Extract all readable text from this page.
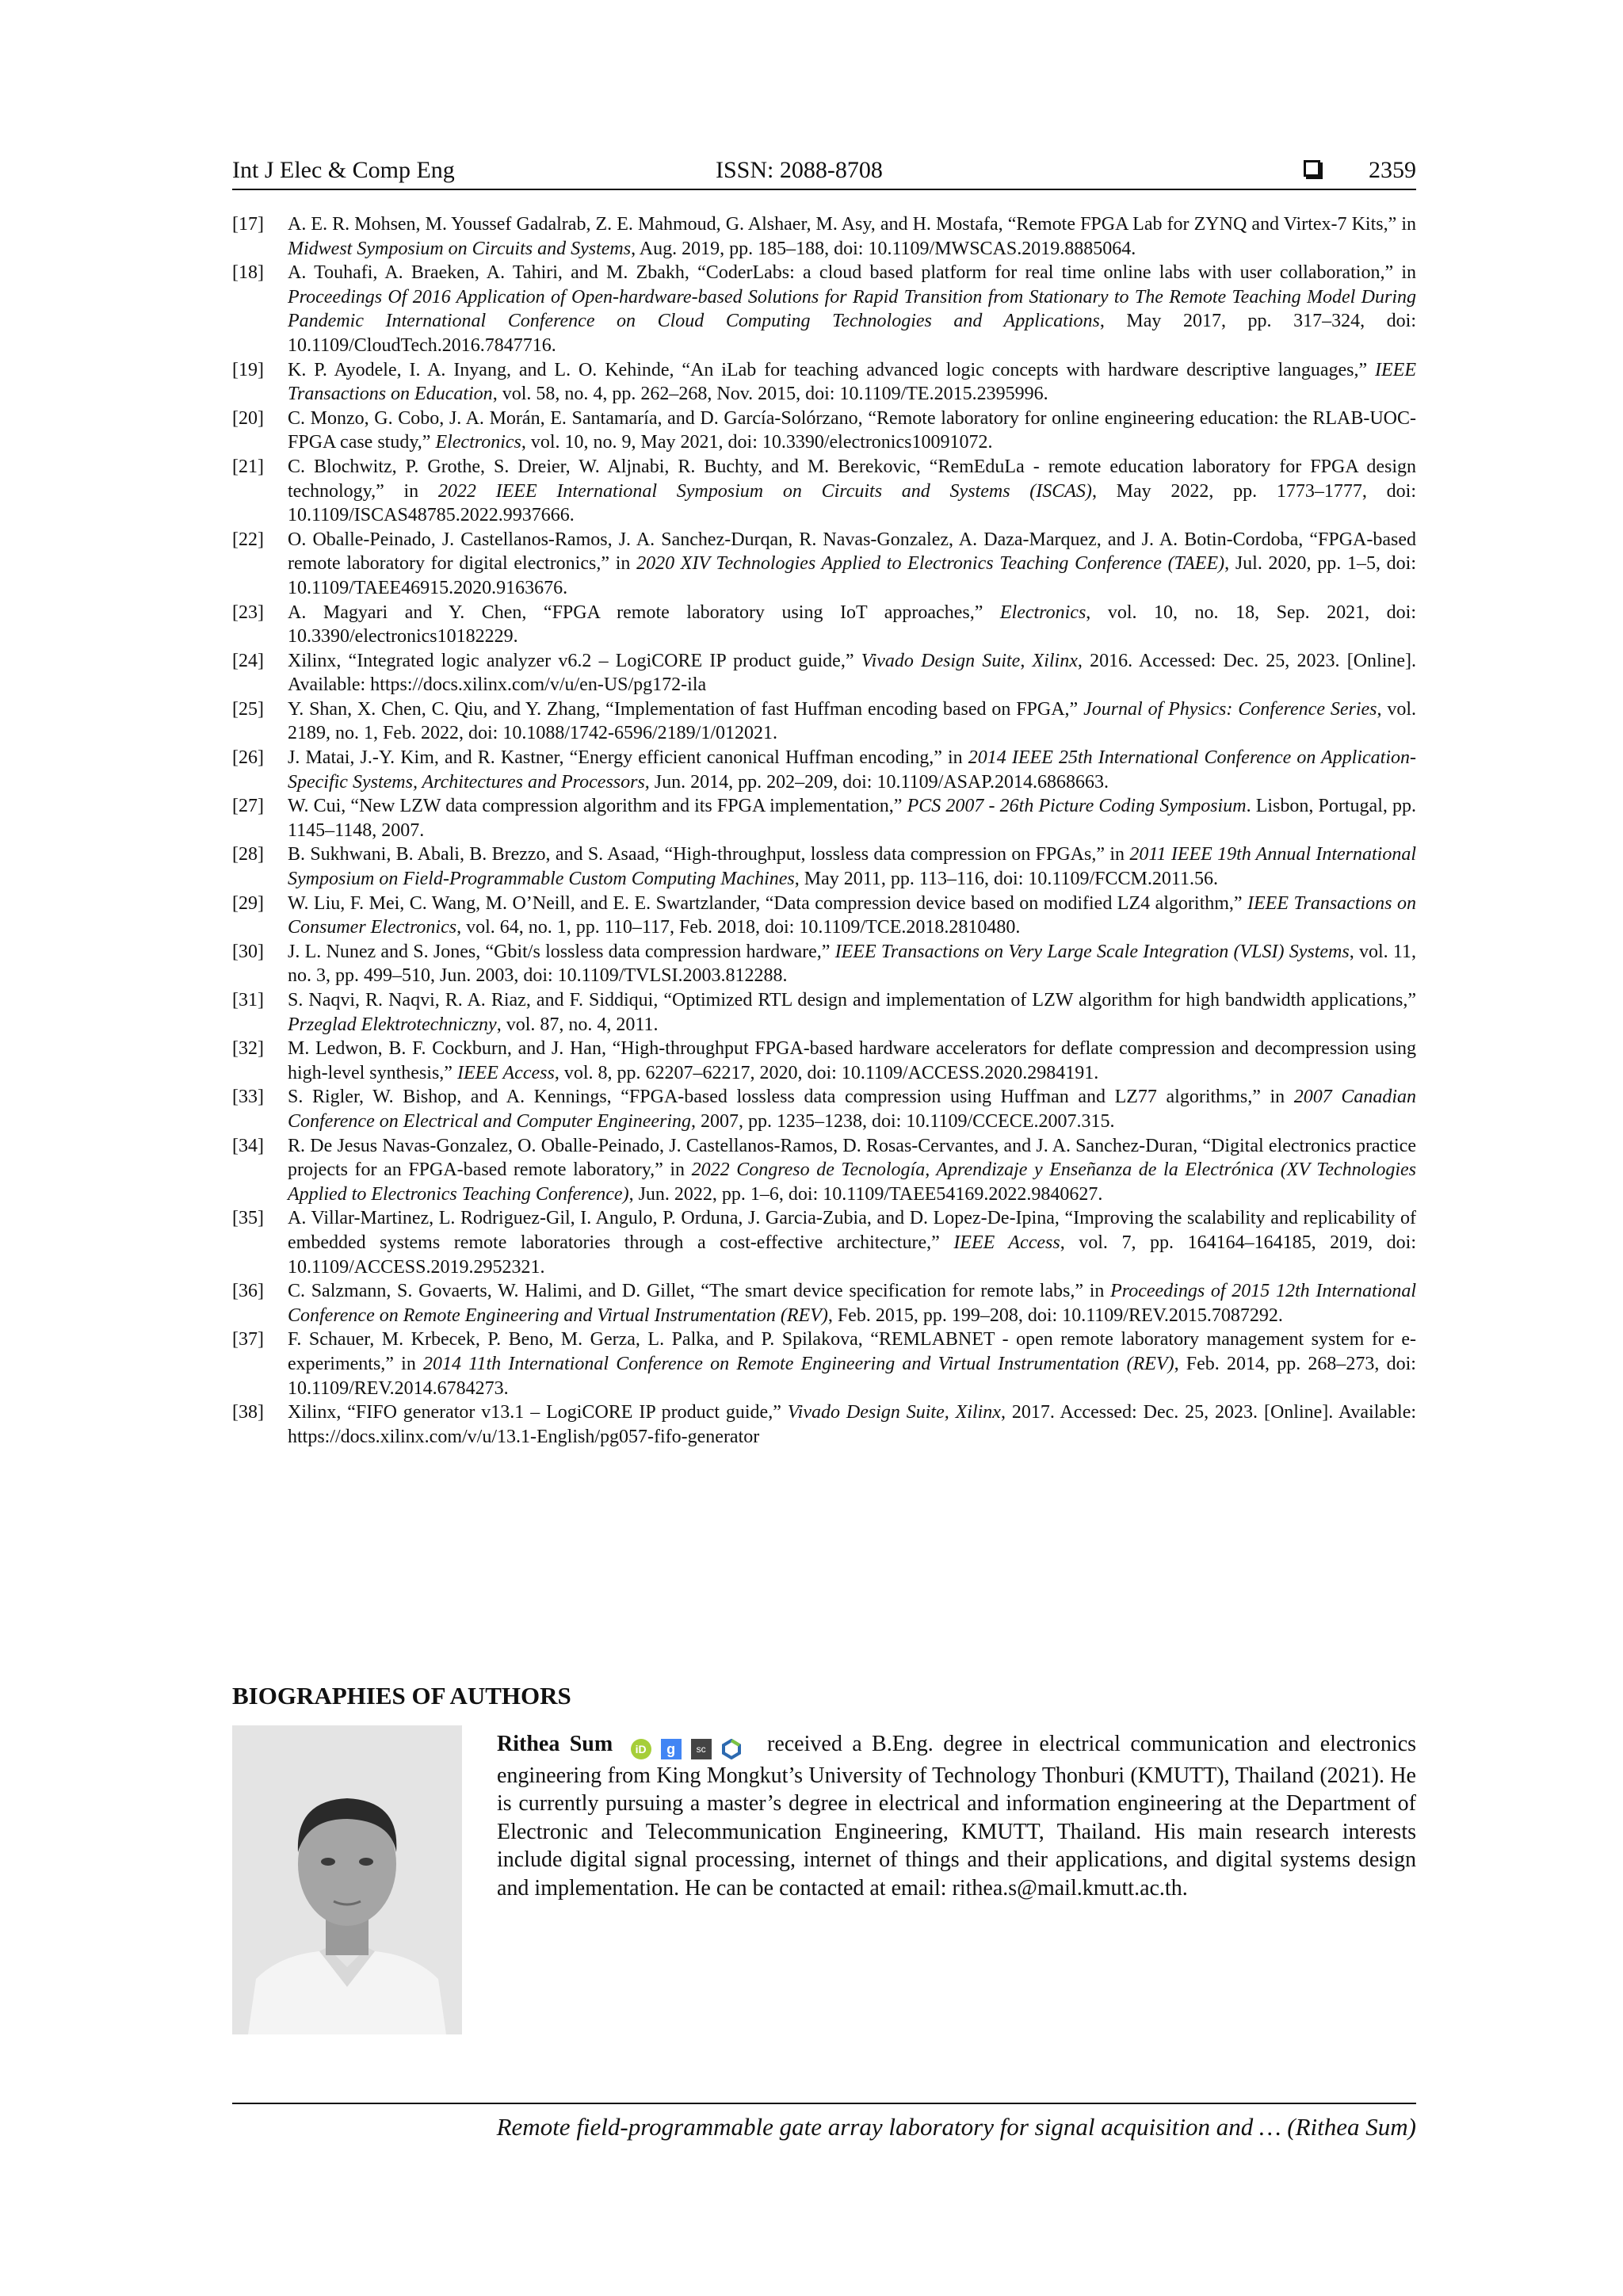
Int J Elec & Comp Eng	ISSN: 2088-8708	2359
[17]	A. E. R. Mohsen, M. Youssef Gadalrab, Z. E. Mahmoud, G. Alshaer, M. Asy, and H. Mostafa, “Remote FPGA Lab for ZYNQ and Virtex-7 Kits,” in Midwest Symposium on Circuits and Systems, Aug. 2019, pp. 185–188, doi: 10.1109/MWSCAS.2019.8885064.
[18]	A. Touhafi, A. Braeken, A. Tahiri, and M. Zbakh, “CoderLabs: a cloud based platform for real time online labs with user collaboration,” in Proceedings Of 2016 Application of Open-hardware-based Solutions for Rapid Transition from Stationary to The Remote Teaching Model During Pandemic International Conference on Cloud Computing Technologies and Applications, May 2017, pp. 317–324, doi: 10.1109/CloudTech.2016.7847716.
[19]	K. P. Ayodele, I. A. Inyang, and L. O. Kehinde, “An iLab for teaching advanced logic concepts with hardware descriptive languages,” IEEE Transactions on Education, vol. 58, no. 4, pp. 262–268, Nov. 2015, doi: 10.1109/TE.2015.2395996.
[20]	C. Monzo, G. Cobo, J. A. Morán, E. Santamaría, and D. García-Solórzano, “Remote laboratory for online engineering education: the RLAB-UOC-FPGA case study,” Electronics, vol. 10, no. 9, May 2021, doi: 10.3390/electronics10091072.
[21]	C. Blochwitz, P. Grothe, S. Dreier, W. Aljnabi, R. Buchty, and M. Berekovic, “RemEduLa - remote education laboratory for FPGA design technology,” in 2022 IEEE International Symposium on Circuits and Systems (ISCAS), May 2022, pp. 1773–1777, doi: 10.1109/ISCAS48785.2022.9937666.
[22]	O. Oballe-Peinado, J. Castellanos-Ramos, J. A. Sanchez-Durqan, R. Navas-Gonzalez, A. Daza-Marquez, and J. A. Botin-Cordoba, “FPGA-based remote laboratory for digital electronics,” in 2020 XIV Technologies Applied to Electronics Teaching Conference (TAEE), Jul. 2020, pp. 1–5, doi: 10.1109/TAEE46915.2020.9163676.
[23]	A. Magyari and Y. Chen, “FPGA remote laboratory using IoT approaches,” Electronics, vol. 10, no. 18, Sep. 2021, doi: 10.3390/electronics10182229.
[24]	Xilinx, “Integrated logic analyzer v6.2 – LogiCORE IP product guide,” Vivado Design Suite, Xilinx, 2016. Accessed: Dec. 25, 2023. [Online]. Available: https://docs.xilinx.com/v/u/en-US/pg172-ila
[25]	Y. Shan, X. Chen, C. Qiu, and Y. Zhang, “Implementation of fast Huffman encoding based on FPGA,” Journal of Physics: Conference Series, vol. 2189, no. 1, Feb. 2022, doi: 10.1088/1742-6596/2189/1/012021.
[26]	J. Matai, J.-Y. Kim, and R. Kastner, “Energy efficient canonical Huffman encoding,” in 2014 IEEE 25th International Conference on Application-Specific Systems, Architectures and Processors, Jun. 2014, pp. 202–209, doi: 10.1109/ASAP.2014.6868663.
[27]	W. Cui, “New LZW data compression algorithm and its FPGA implementation,” PCS 2007 - 26th Picture Coding Symposium. Lisbon, Portugal, pp. 1145–1148, 2007.
[28]	B. Sukhwani, B. Abali, B. Brezzo, and S. Asaad, “High-throughput, lossless data compression on FPGAs,” in 2011 IEEE 19th Annual International Symposium on Field-Programmable Custom Computing Machines, May 2011, pp. 113–116, doi: 10.1109/FCCM.2011.56.
[29]	W. Liu, F. Mei, C. Wang, M. O’Neill, and E. E. Swartzlander, “Data compression device based on modified LZ4 algorithm,” IEEE Transactions on Consumer Electronics, vol. 64, no. 1, pp. 110–117, Feb. 2018, doi: 10.1109/TCE.2018.2810480.
[30]	J. L. Nunez and S. Jones, “Gbit/s lossless data compression hardware,” IEEE Transactions on Very Large Scale Integration (VLSI) Systems, vol. 11, no. 3, pp. 499–510, Jun. 2003, doi: 10.1109/TVLSI.2003.812288.
[31]	S. Naqvi, R. Naqvi, R. A. Riaz, and F. Siddiqui, “Optimized RTL design and implementation of LZW algorithm for high bandwidth applications,” Przeglad Elektrotechniczny, vol. 87, no. 4, 2011.
[32]	M. Ledwon, B. F. Cockburn, and J. Han, “High-throughput FPGA-based hardware accelerators for deflate compression and decompression using high-level synthesis,” IEEE Access, vol. 8, pp. 62207–62217, 2020, doi: 10.1109/ACCESS.2020.2984191.
[33]	S. Rigler, W. Bishop, and A. Kennings, “FPGA-based lossless data compression using Huffman and LZ77 algorithms,” in 2007 Canadian Conference on Electrical and Computer Engineering, 2007, pp. 1235–1238, doi: 10.1109/CCECE.2007.315.
[34]	R. De Jesus Navas-Gonzalez, O. Oballe-Peinado, J. Castellanos-Ramos, D. Rosas-Cervantes, and J. A. Sanchez-Duran, “Digital electronics practice projects for an FPGA-based remote laboratory,” in 2022 Congreso de Tecnología, Aprendizaje y Enseñanza de la Electrónica (XV Technologies Applied to Electronics Teaching Conference), Jun. 2022, pp. 1–6, doi: 10.1109/TAEE54169.2022.9840627.
[35]	A. Villar-Martinez, L. Rodriguez-Gil, I. Angulo, P. Orduna, J. Garcia-Zubia, and D. Lopez-De-Ipina, “Improving the scalability and replicability of embedded systems remote laboratories through a cost-effective architecture,” IEEE Access, vol. 7, pp. 164164–164185, 2019, doi: 10.1109/ACCESS.2019.2952321.
[36]	C. Salzmann, S. Govaerts, W. Halimi, and D. Gillet, “The smart device specification for remote labs,” in Proceedings of 2015 12th International Conference on Remote Engineering and Virtual Instrumentation (REV), Feb. 2015, pp. 199–208, doi: 10.1109/REV.2015.7087292.
[37]	F. Schauer, M. Krbecek, P. Beno, M. Gerza, L. Palka, and P. Spilakova, “REMLABNET - open remote laboratory management system for e-experiments,” in 2014 11th International Conference on Remote Engineering and Virtual Instrumentation (REV), Feb. 2014, pp. 268–273, doi: 10.1109/REV.2014.6784273.
[38]	Xilinx, “FIFO generator v13.1 – LogiCORE IP product guide,” Vivado Design Suite, Xilinx, 2017. Accessed: Dec. 25, 2023. [Online]. Available: https://docs.xilinx.com/v/u/13.1-English/pg057-fifo-generator
BIOGRAPHIES OF AUTHORS

Rithea Sum iD g sc	received a B.Eng. degree in electrical communication and electronics engineering from King Mongkut’s University of Technology Thonburi (KMUTT), Thailand (2021). He is currently pursuing a master’s degree in electrical and information engineering at the Department of Electronic and Telecommunication Engineering, KMUTT, Thailand. His main research interests include digital signal processing, internet of things and their applications, and digital systems design and implementation. He can be contacted at email: rithea.s@mail.kmutt.ac.th.

Remote field-programmable gate array laboratory for signal acquisition and … (Rithea Sum)
